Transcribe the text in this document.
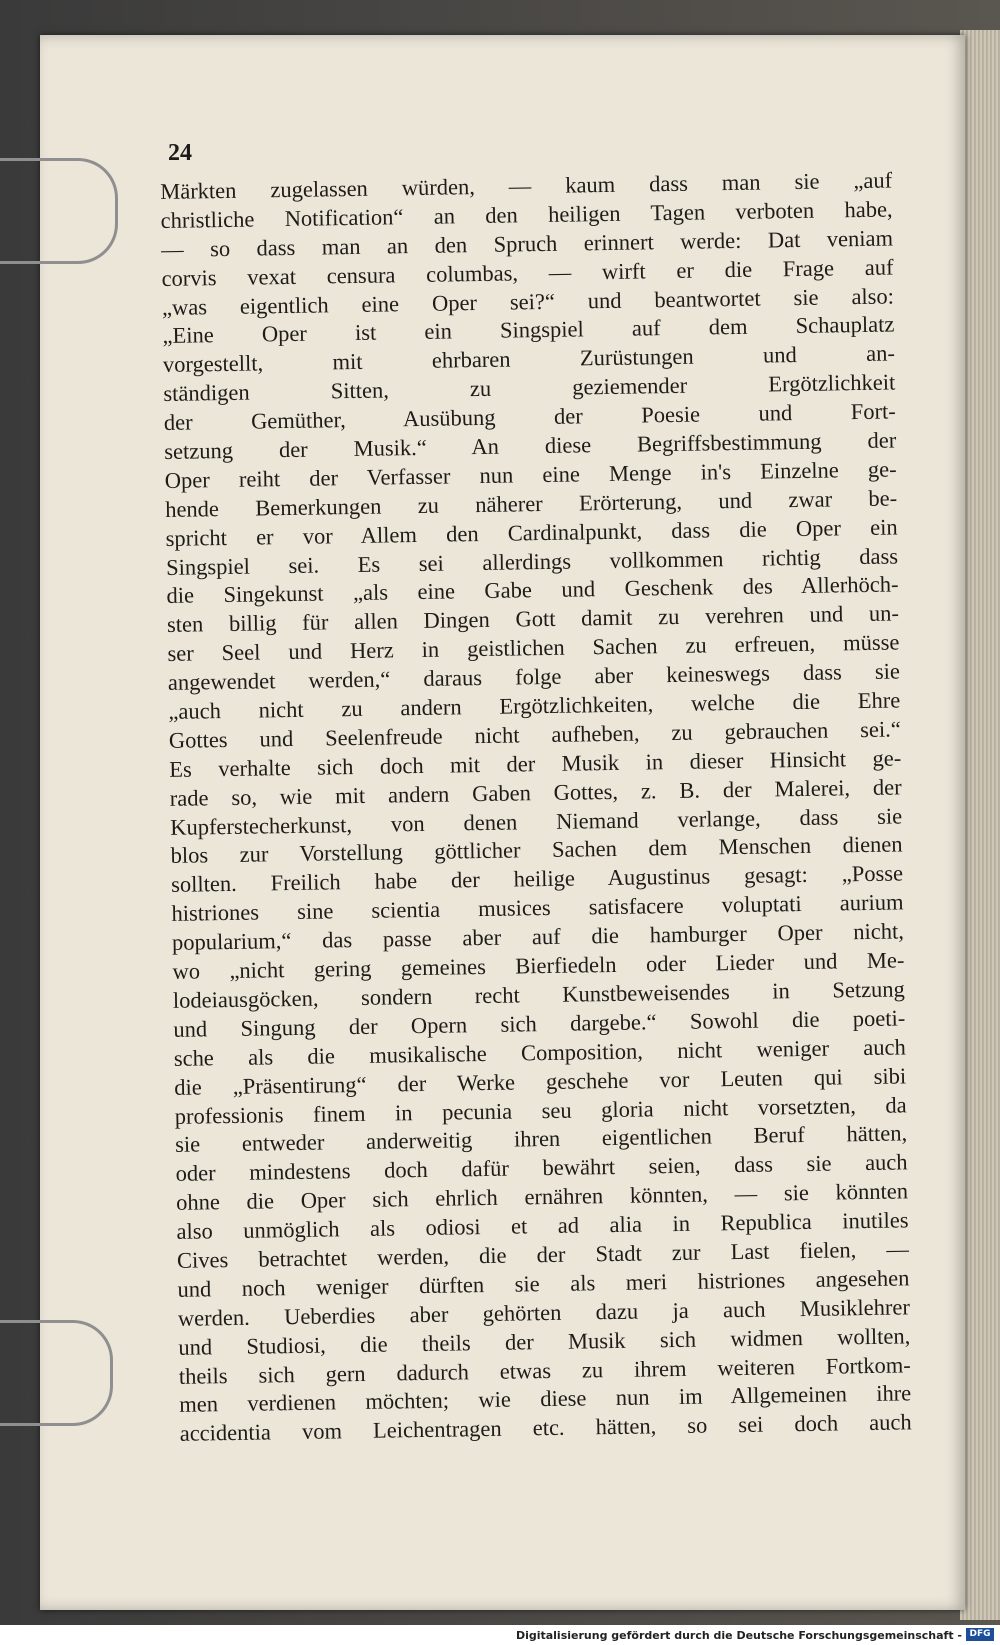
24
Märkten zugelassen würden, — kaum dass man sie „auf
christliche Notification“ an den heiligen Tagen verboten habe,
— so dass man an den Spruch erinnert werde: Dat veniam
corvis vexat censura columbas, — wirft er die Frage auf
„was eigentlich eine Oper sei?“ und beantwortet sie also:
„Eine Oper ist ein Singspiel auf dem Schauplatz
vorgestellt, mit ehrbaren Zurüstungen und an-
ständigen Sitten, zu geziemender Ergötzlichkeit
der Gemüther, Ausübung der Poesie und Fort-
setzung der Musik.“ An diese Begriffsbestimmung der
Oper reiht der Verfasser nun eine Menge in's Einzelne ge-
hende Bemerkungen zu näherer Erörterung, und zwar be-
spricht er vor Allem den Cardinalpunkt, dass die Oper ein
Singspiel sei. Es sei allerdings vollkommen richtig dass
die Singekunst „als eine Gabe und Geschenk des Allerhöch-
sten billig für allen Dingen Gott damit zu verehren und un-
ser Seel und Herz in geistlichen Sachen zu erfreuen, müsse
angewendet werden,“ daraus folge aber keineswegs dass sie
„auch nicht zu andern Ergötzlichkeiten, welche die Ehre
Gottes und Seelenfreude nicht aufheben, zu gebrauchen sei.“
Es verhalte sich doch mit der Musik in dieser Hinsicht ge-
rade so, wie mit andern Gaben Gottes, z. B. der Malerei, der
Kupferstecherkunst, von denen Niemand verlange, dass sie
blos zur Vorstellung göttlicher Sachen dem Menschen dienen
sollten. Freilich habe der heilige Augustinus gesagt: „Posse
histriones sine scientia musices satisfacere voluptati aurium
popularium,“ das passe aber auf die hamburger Oper nicht,
wo „nicht gering gemeines Bierfiedeln oder Lieder und Me-
lodeiausgöcken, sondern recht Kunstbeweisendes in Setzung
und Singung der Opern sich dargebe.“ Sowohl die poeti-
sche als die musikalische Composition, nicht weniger auch
die „Präsentirung“ der Werke geschehe vor Leuten qui sibi
professionis finem in pecunia seu gloria nicht vorsetzten, da
sie entweder anderweitig ihren eigentlichen Beruf hätten,
oder mindestens doch dafür bewährt seien, dass sie auch
ohne die Oper sich ehrlich ernähren könnten, — sie könnten
also unmöglich als odiosi et ad alia in Republica inutiles
Cives betrachtet werden, die der Stadt zur Last fielen, —
und noch weniger dürften sie als meri histriones angesehen
werden. Ueberdies aber gehörten dazu ja auch Musiklehrer
und Studiosi, die theils der Musik sich widmen wollten,
theils sich gern dadurch etwas zu ihrem weiteren Fortkom-
men verdienen möchten; wie diese nun im Allgemeinen ihre
accidentia vom Leichentragen etc. hätten, so sei doch auch
Digitalisierung gefördert durch die Deutsche Forschungsgemeinschaft - DFG
